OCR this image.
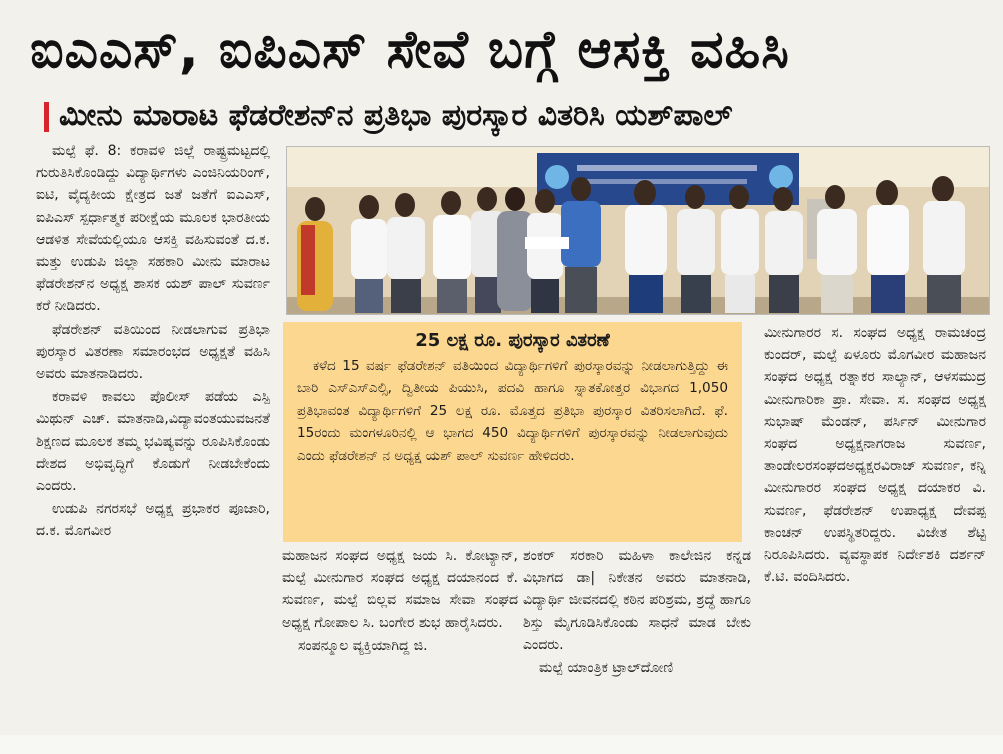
ಐಎಎಸ್, ಐಪಿಎಸ್ ಸೇವೆ ಬಗ್ಗೆ ಆಸಕ್ತಿ ವಹಿಸಿ
ಮೀನು ಮಾರಾಟ ಫೆಡರೇಶನ್‌ನ ಪ್ರತಿಭಾ ಪುರಸ್ಕಾರ ವಿತರಿಸಿ ಯಶ್‌ಪಾಲ್

ಮಲ್ಪೆ ಫೆ. 8: ಕರಾವಳಿ ಜಿಲ್ಲೆ ರಾಷ್ಟ್ರಮಟ್ಟದಲ್ಲಿ ಗುರುತಿಸಿಕೊಂಡಿದ್ದು ವಿದ್ಯಾರ್ಥಿಗಳು ಎಂಜಿನಿಯರಿಂಗ್, ಐಟಿ, ವೈದ್ಯಕೀಯ ಕ್ಷೇತ್ರದ ಜತೆ ಜತೆಗೆ ಐಎಎಸ್, ಐಪಿಎಸ್ ಸ್ಪರ್ಧಾತ್ಮಕ ಪರೀಕ್ಷೆಯ ಮೂಲಕ ಭಾರತೀಯ ಆಡಳಿತ ಸೇವೆಯಲ್ಲಿಯೂ ಆಸಕ್ತಿ ವಹಿಸುವಂತೆ ದ.ಕ. ಮತ್ತು ಉಡುಪಿ ಜಿಲ್ಲಾ ಸಹಕಾರಿ ಮೀನು ಮಾರಾಟ ಫೆಡರೇಶನ್‌ನ ಅಧ್ಯಕ್ಷ ಶಾಸಕ ಯಶ್ ಪಾಲ್ ಸುವರ್ಣ ಕರೆ ನೀಡಿದರು.

ಫೆಡರೇಶನ್ ವತಿಯಿಂದ ನೀಡಲಾಗುವ ಪ್ರತಿಭಾ ಪುರಸ್ಕಾರ ವಿತರಣಾ ಸಮಾರಂಭದ ಅಧ್ಯಕ್ಷತೆ ವಹಿಸಿ ಅವರು ಮಾತನಾಡಿದರು.

ಕರಾವಳಿ ಕಾವಲು ಪೊಲೀಸ್ ಪಡೆಯ ಎಸ್ಪಿ ಮಿಥುನ್ ಎಚ್. ಮಾತನಾಡಿ,ವಿದ್ಯಾವಂತಯುವಜನತೆ ಶಿಕ್ಷಣದ ಮೂಲಕ ತಮ್ಮ ಭವಿಷ್ಯವನ್ನು ರೂಪಿಸಿಕೊಂಡು ದೇಶದ ಅಭಿವೃದ್ಧಿಗೆ ಕೊಡುಗೆ ನೀಡಬೇಕೆಂದು ಎಂದರು.

ಉಡುಪಿ ನಗರಸಭೆ ಅಧ್ಯಕ್ಷ ಪ್ರಭಾಕರ ಪೂಜಾರಿ, ದ.ಕ. ಮೊಗವೀರ

25 ಲಕ್ಷ ರೂ. ಪುರಸ್ಕಾರ ವಿತರಣೆ
ಕಳೆದ 15 ವರ್ಷ ಫೆಡರೇಶನ್ ವತಿಯಿಂದ ವಿದ್ಯಾರ್ಥಿಗಳಿಗೆ ಪುರಸ್ಕಾರವನ್ನು ನೀಡಲಾಗುತ್ತಿದ್ದು ಈ ಬಾರಿ ಎಸ್ಎಸ್ಎಲ್ಸಿ, ದ್ವಿತೀಯ ಪಿಯುಸಿ, ಪದವಿ ಹಾಗೂ ಸ್ನಾತಕೋತ್ತರ ವಿಭಾಗದ 1,050 ಪ್ರತಿಭಾವಂತ ವಿದ್ಯಾರ್ಥಿಗಳಿಗೆ 25 ಲಕ್ಷ ರೂ. ಮೊತ್ತದ ಪ್ರತಿಭಾ ಪುರಸ್ಕಾರ ವಿತರಿಸಲಾಗಿದೆ. ಫೆ. 15ರಂದು ಮಂಗಳೂರಿನಲ್ಲಿ ಆ ಭಾಗದ 450 ವಿದ್ಯಾರ್ಥಿಗಳಿಗೆ ಪುರಸ್ಕಾರವನ್ನು ನೀಡಲಾಗುವುದು ಎಂದು ಫೆಡರೇಶನ್ ನ ಅಧ್ಯಕ್ಷ ಯಶ್ ಪಾಲ್ ಸುವರ್ಣ ಹೇಳಿದರು.

ಮಹಾಜನ ಸಂಘದ ಅಧ್ಯಕ್ಷ ಜಯ ಸಿ. ಕೋಟ್ಯಾನ್, ಮಲ್ಪೆ ಮೀನುಗಾರ ಸಂಘದ ಅಧ್ಯಕ್ಷ ದಯಾನಂದ ಕೆ. ಸುವರ್ಣ, ಮಲ್ಪೆ ಬಿಲ್ಲವ ಸಮಾಜ ಸೇವಾ ಸಂಘದ ಅಧ್ಯಕ್ಷ ಗೋಪಾಲ ಸಿ. ಬಂಗೇರ ಶುಭ ಹಾರೈಸಿದರು.

ಸಂಪನ್ಮೂಲ ವ್ಯಕ್ತಿಯಾಗಿದ್ದ ಜಿ.

ಶಂಕರ್ ಸರಕಾರಿ ಮಹಿಳಾ ಕಾಲೇಜಿನ ಕನ್ನಡ ವಿಭಾಗದ ಡಾ| ನಿಕೇತನ ಅವರು ಮಾತನಾಡಿ, ವಿದ್ಯಾರ್ಥಿ ಜೀವನದಲ್ಲಿ ಕಠಿನ ಪರಿಶ್ರಮ, ಶ್ರದ್ಧೆ ಹಾಗೂ ಶಿಸ್ತು ಮೈಗೂಡಿಸಿಕೊಂಡು ಸಾಧನೆ ಮಾಡ ಬೇಕು ಎಂದರು.

ಮಲ್ಪೆ ಯಾಂತ್ರಿಕ ಟ್ರಾಲ್‌ದೋಣಿ

ಮೀನುಗಾರರ ಸ. ಸಂಘದ ಅಧ್ಯಕ್ಷ ರಾಮಚಂದ್ರ ಕುಂದರ್, ಮಲ್ಪೆ ಏಳೂರು ಮೊಗವೀರ ಮಹಾಜನ ಸಂಘದ ಅಧ್ಯಕ್ಷ ರತ್ನಾಕರ ಸಾಲ್ಯಾನ್, ಆಳಸಮುದ್ರ ಮೀನುಗಾರಿಕಾ ಪ್ರಾ. ಸೇವಾ. ಸ. ಸಂಘದ ಅಧ್ಯಕ್ಷ ಸುಭಾಷ್ ಮೆಂಡನ್, ಪರ್ಸಿನ್ ಮೀನುಗಾರ ಸಂಘದ ಅಧ್ಯಕ್ಷನಾಗರಾಜ ಸುವರ್ಣ, ತಾಂಡೇಲರಸಂಘದಅಧ್ಯಕ್ಷರವಿರಾಜ್ ಸುವರ್ಣ, ಕನ್ನಿ ಮೀನುಗಾರರ ಸಂಘದ ಅಧ್ಯಕ್ಷ ದಯಾಕರ ವಿ. ಸುವರ್ಣ, ಫೆಡರೇಶನ್ ಉಪಾಧ್ಯಕ್ಷ ದೇವಪ್ಪ ಕಾಂಚನ್ ಉಪಸ್ಥಿತರಿದ್ದರು. ವಿಜೇತ ಶೆಟ್ಟಿ ನಿರೂಪಿಸಿದರು. ವ್ಯವಸ್ಥಾಪಕ ನಿರ್ದೇಶಕಿ ದರ್ಶನ್ ಕೆ.ಟಿ. ವಂದಿಸಿದರು.
